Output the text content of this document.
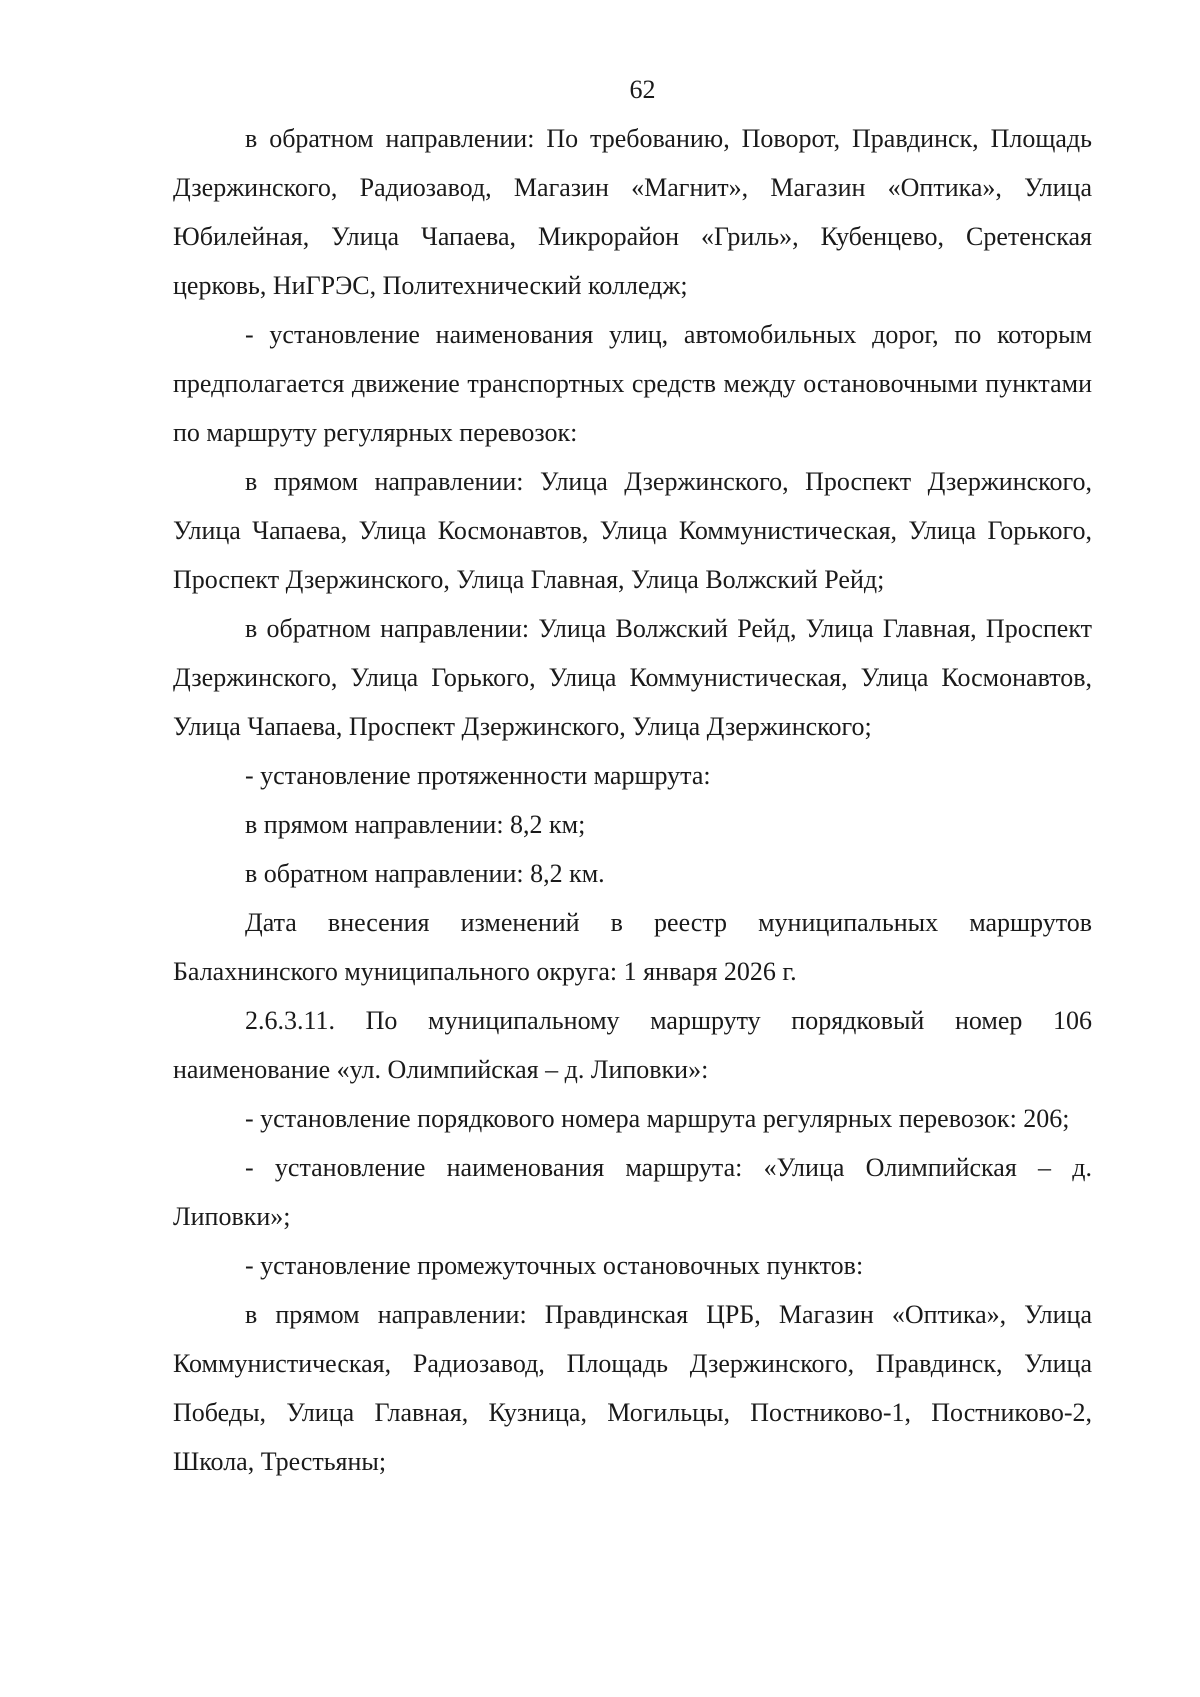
62

в обратном направлении: По требованию, Поворот, Правдинск, Площадь Дзержинского, Радиозавод, Магазин «Магнит», Магазин «Оптика», Улица Юбилейная, Улица Чапаева, Микрорайон «Гриль», Кубенцево, Сретенская церковь, НиГРЭС, Политехнический колледж;

- установление наименования улиц, автомобильных дорог, по которым предполагается движение транспортных средств между остановочными пунктами по маршруту регулярных перевозок:

в прямом направлении: Улица Дзержинского, Проспект Дзержинского, Улица Чапаева, Улица Космонавтов, Улица Коммунистическая, Улица Горького, Проспект Дзержинского, Улица Главная, Улица Волжский Рейд;

в обратном направлении: Улица Волжский Рейд, Улица Главная, Проспект Дзержинского, Улица Горького, Улица Коммунистическая, Улица Космонавтов, Улица Чапаева, Проспект Дзержинского, Улица Дзержинского;

- установление протяженности маршрута:

в прямом направлении: 8,2 км;

в обратном направлении: 8,2 км.

Дата внесения изменений в реестр муниципальных маршрутов Балахнинского муниципального округа: 1 января 2026 г.

2.6.3.11. По муниципальному маршруту порядковый номер 106 наименование «ул. Олимпийская – д. Липовки»:

- установление порядкового номера маршрута регулярных перевозок: 206;

- установление наименования маршрута: «Улица Олимпийская – д. Липовки»;

- установление промежуточных остановочных пунктов:

в прямом направлении: Правдинская ЦРБ, Магазин «Оптика», Улица Коммунистическая, Радиозавод, Площадь Дзержинского, Правдинск, Улица Победы, Улица Главная, Кузница, Могильцы, Постниково-1, Постниково-2, Школа, Трестьяны;
